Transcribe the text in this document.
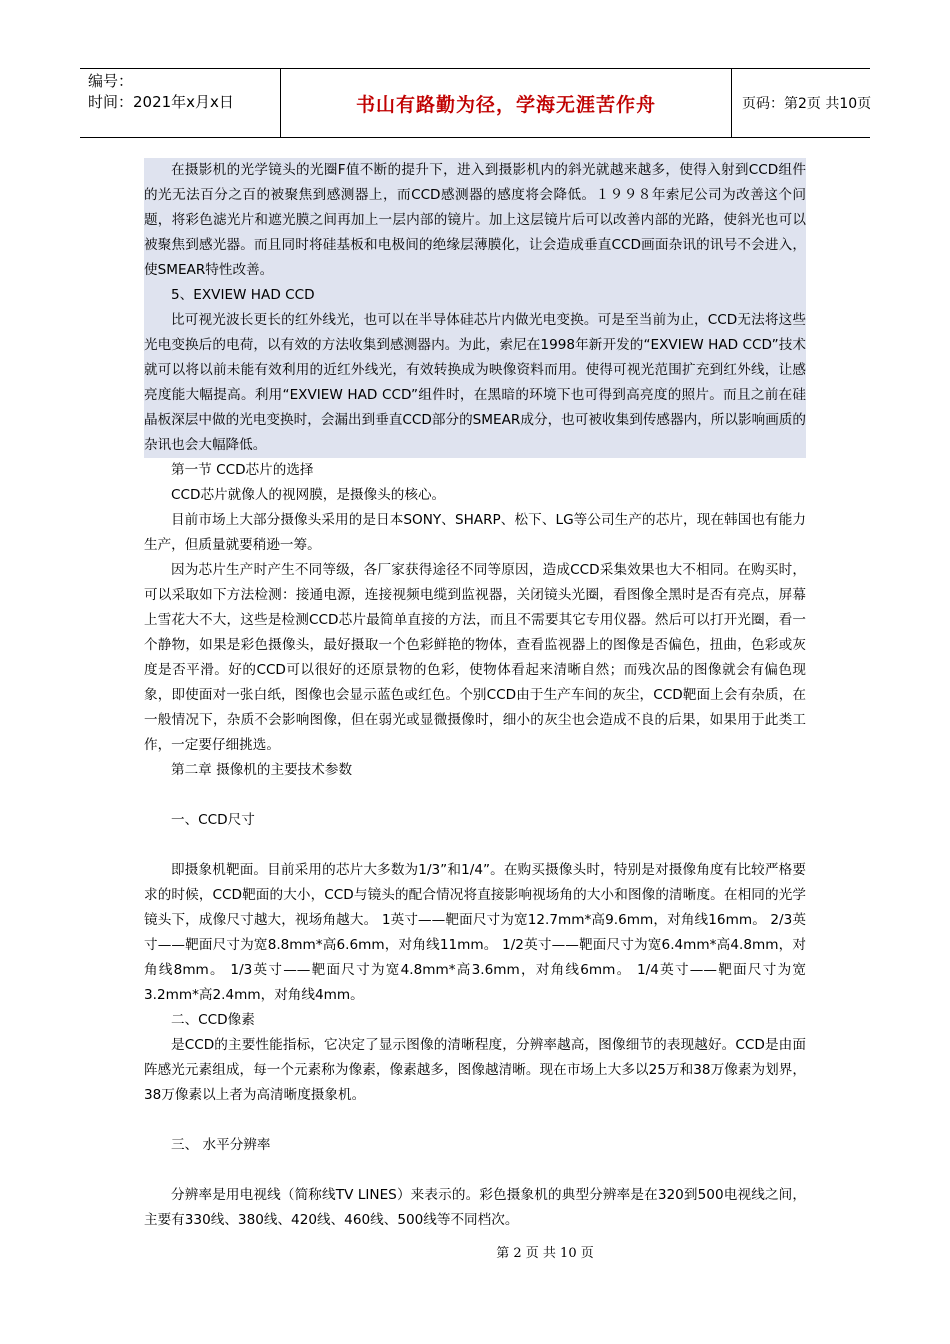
编号：
时间：2021年x月x日	书山有路勤为径，学海无涯苦作舟	页码：第2页 共10页

在摄影机的光学镜头的光圈F值不断的提升下，进入到摄影机内的斜光就越来越多，使得入射到CCD组件的光无法百分之百的被聚焦到感测器上，而CCD感测器的感度将会降低。１９９８年索尼公司为改善这个问题，将彩色滤光片和遮光膜之间再加上一层内部的镜片。加上这层镜片后可以改善内部的光路，使斜光也可以被聚焦到感光器。而且同时将硅基板和电极间的绝缘层薄膜化，让会造成垂直CCD画面杂讯的讯号不会进入，使SMEAR特性改善。

5、EXVIEW HAD CCD

比可视光波长更长的红外线光，也可以在半导体硅芯片内做光电变换。可是至当前为止，CCD无法将这些光电变换后的电荷，以有效的方法收集到感测器内。为此，索尼在1998年新开发的“EXVIEW HAD CCD”技术就可以将以前未能有效利用的近红外线光，有效转换成为映像资料而用。使得可视光范围扩充到红外线，让感亮度能大幅提高。利用“EXVIEW HAD CCD”组件时，在黑暗的环境下也可得到高亮度的照片。而且之前在硅晶板深层中做的光电变换时，会漏出到垂直CCD部分的SMEAR成分，也可被收集到传感器内，所以影响画质的杂讯也会大幅降低。

第一节 CCD芯片的选择

CCD芯片就像人的视网膜，是摄像头的核心。

目前市场上大部分摄像头采用的是日本SONY、SHARP、松下、LG等公司生产的芯片，现在韩国也有能力生产，但质量就要稍逊一筹。

因为芯片生产时产生不同等级，各厂家获得途径不同等原因，造成CCD采集效果也大不相同。在购买时，可以采取如下方法检测：接通电源，连接视频电缆到监视器，关闭镜头光圈，看图像全黑时是否有亮点，屏幕上雪花大不大，这些是检测CCD芯片最简单直接的方法，而且不需要其它专用仪器。然后可以打开光圈，看一个静物，如果是彩色摄像头，最好摄取一个色彩鲜艳的物体，查看监视器上的图像是否偏色，扭曲，色彩或灰度是否平滑。好的CCD可以很好的还原景物的色彩，使物体看起来清晰自然；而残次品的图像就会有偏色现象，即使面对一张白纸，图像也会显示蓝色或红色。个别CCD由于生产车间的灰尘，CCD靶面上会有杂质，在一般情况下，杂质不会影响图像，但在弱光或显微摄像时，细小的灰尘也会造成不良的后果，如果用于此类工作，一定要仔细挑选。

第二章 摄像机的主要技术参数

一、CCD尺寸

即摄象机靶面。目前采用的芯片大多数为1/3”和1/4”。在购买摄像头时，特别是对摄像角度有比较严格要求的时候，CCD靶面的大小，CCD与镜头的配合情况将直接影响视场角的大小和图像的清晰度。在相同的光学镜头下，成像尺寸越大，视场角越大。 1英寸——靶面尺寸为宽12.7mm*高9.6mm，对角线16mm。 2/3英寸——靶面尺寸为宽8.8mm*高6.6mm，对角线11mm。 1/2英寸——靶面尺寸为宽6.4mm*高4.8mm，对角线8mm。 1/3英寸——靶面尺寸为宽4.8mm*高3.6mm，对角线6mm。 1/4英寸——靶面尺寸为宽3.2mm*高2.4mm，对角线4mm。

二、CCD像素

是CCD的主要性能指标，它决定了显示图像的清晰程度，分辨率越高，图像细节的表现越好。CCD是由面阵感光元素组成，每一个元素称为像素，像素越多，图像越清晰。现在市场上大多以25万和38万像素为划界，38万像素以上者为高清晰度摄象机。

三、 水平分辨率

分辨率是用电视线（简称线TV LINES）来表示的。彩色摄象机的典型分辨率是在320到500电视线之间，主要有330线、380线、420线、460线、500线等不同档次。

第 2 页 共 10 页
